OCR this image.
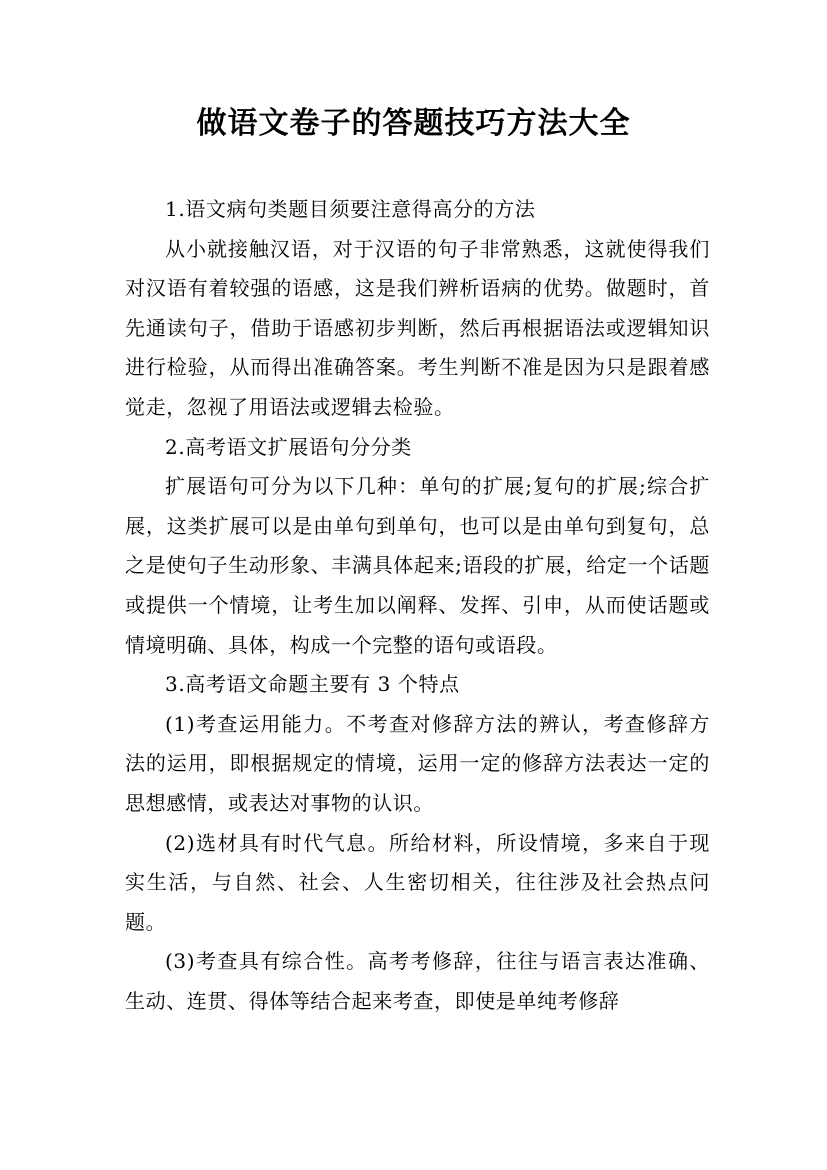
做语文卷子的答题技巧方法大全

1.语文病句类题目须要注意得高分的方法

从小就接触汉语，对于汉语的句子非常熟悉，这就使得我们对汉语有着较强的语感，这是我们辨析语病的优势。做题时，首先通读句子，借助于语感初步判断，然后再根据语法或逻辑知识进行检验，从而得出准确答案。考生判断不准是因为只是跟着感觉走，忽视了用语法或逻辑去检验。

2.高考语文扩展语句分分类

扩展语句可分为以下几种：单句的扩展;复句的扩展;综合扩展，这类扩展可以是由单句到单句，也可以是由单句到复句，总之是使句子生动形象、丰满具体起来;语段的扩展，给定一个话题或提供一个情境，让考生加以阐释、发挥、引申，从而使话题或情境明确、具体，构成一个完整的语句或语段。

3.高考语文命题主要有 3 个特点

(1)考查运用能力。不考查对修辞方法的辨认，考查修辞方法的运用，即根据规定的情境，运用一定的修辞方法表达一定的思想感情，或表达对事物的认识。

(2)选材具有时代气息。所给材料，所设情境，多来自于现实生活，与自然、社会、人生密切相关，往往涉及社会热点问题。

(3)考查具有综合性。高考考修辞，往往与语言表达准确、生动、连贯、得体等结合起来考查，即使是单纯考修辞
